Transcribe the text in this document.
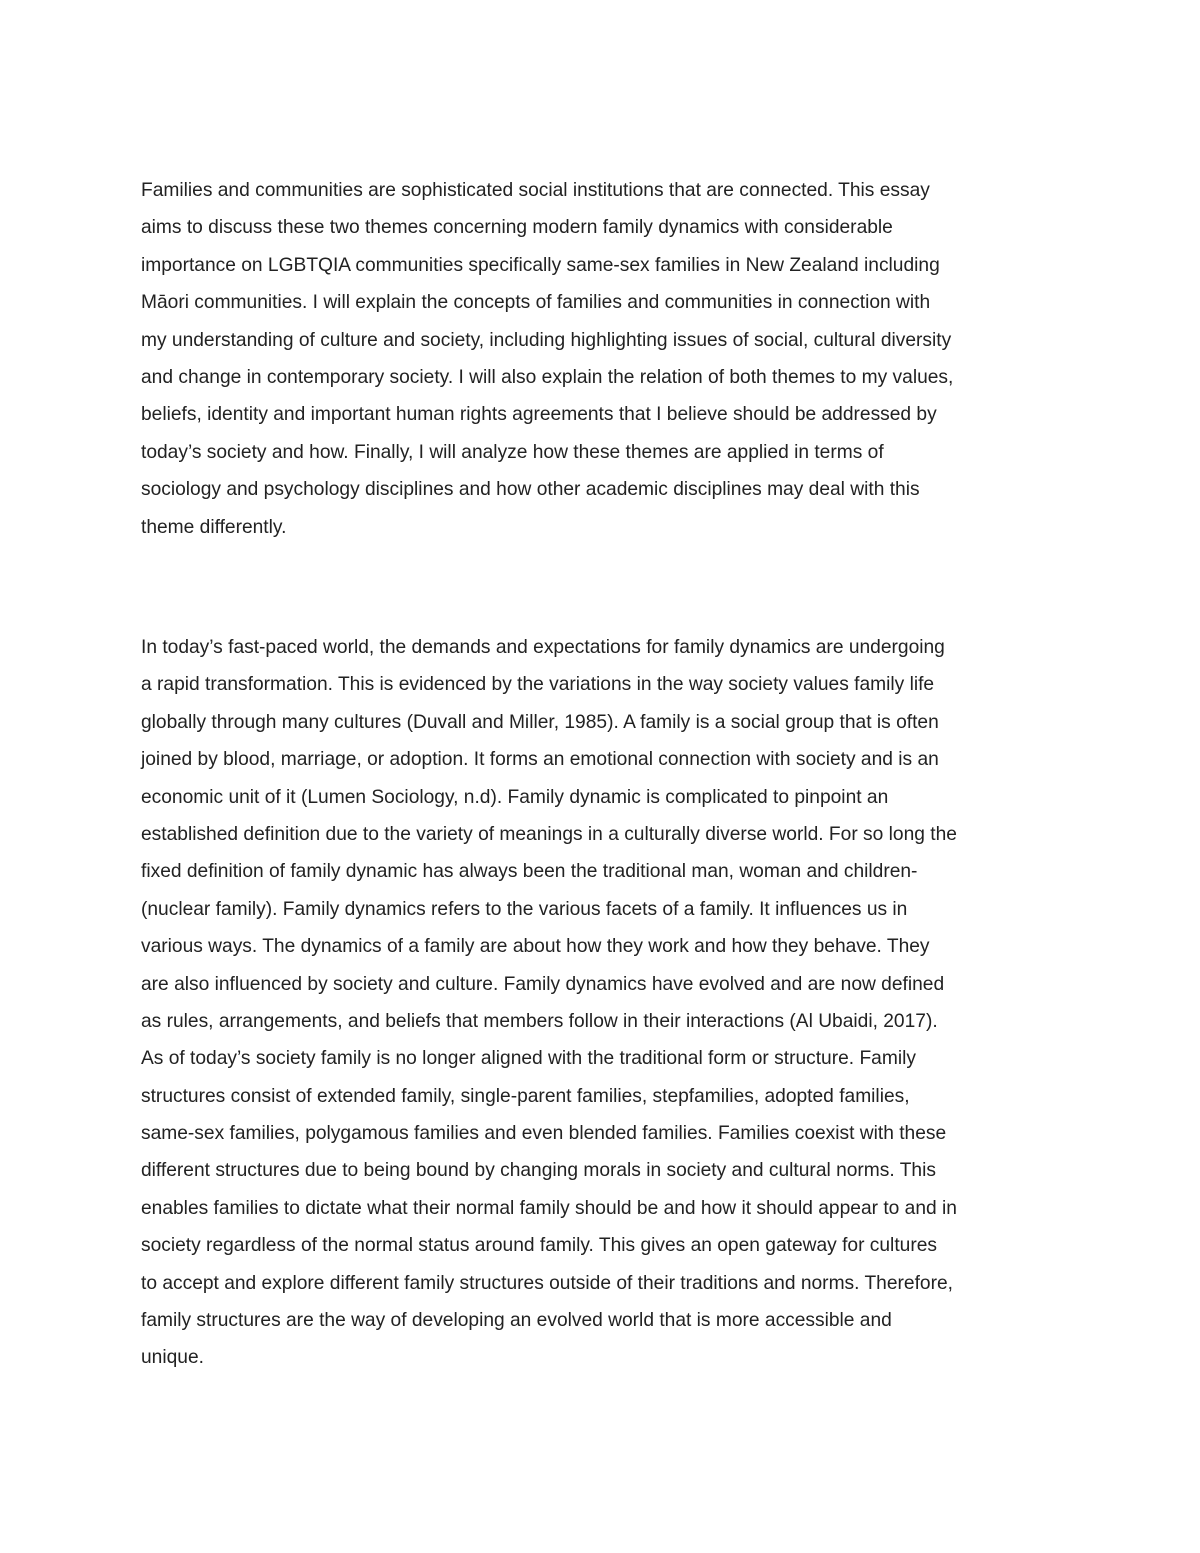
Families and communities are sophisticated social institutions that are connected. This essay
aims to discuss these two themes concerning modern family dynamics with considerable
importance on LGBTQIA communities specifically same-sex families in New Zealand including
Māori communities. I will explain the concepts of families and communities in connection with
my understanding of culture and society, including highlighting issues of social, cultural diversity
and change in contemporary society. I will also explain the relation of both themes to my values,
beliefs, identity and important human rights agreements that I believe should be addressed by
today’s society and how. Finally, I will analyze how these themes are applied in terms of
sociology and psychology disciplines and how other academic disciplines may deal with this
theme differently.

In today’s fast-paced world, the demands and expectations for family dynamics are undergoing
a rapid transformation. This is evidenced by the variations in the way society values family life
globally through many cultures (Duvall and Miller, 1985). A family is a social group that is often
joined by blood, marriage, or adoption. It forms an emotional connection with society and is an
economic unit of it (Lumen Sociology, n.d). Family dynamic is complicated to pinpoint an
established definition due to the variety of meanings in a culturally diverse world. For so long the
fixed definition of family dynamic has always been the traditional man, woman and children-
(nuclear family). Family dynamics refers to the various facets of a family. It influences us in
various ways. The dynamics of a family are about how they work and how they behave. They
are also influenced by society and culture. Family dynamics have evolved and are now defined
as rules, arrangements, and beliefs that members follow in their interactions (Al Ubaidi, 2017).
As of today’s society family is no longer aligned with the traditional form or structure. Family
structures consist of extended family, single-parent families, stepfamilies, adopted families,
same-sex families, polygamous families and even blended families. Families coexist with these
different structures due to being bound by changing morals in society and cultural norms. This
enables families to dictate what their normal family should be and how it should appear to and in
society regardless of the normal status around family. This gives an open gateway for cultures
to accept and explore different family structures outside of their traditions and norms. Therefore,
family structures are the way of developing an evolved world that is more accessible and
unique.
